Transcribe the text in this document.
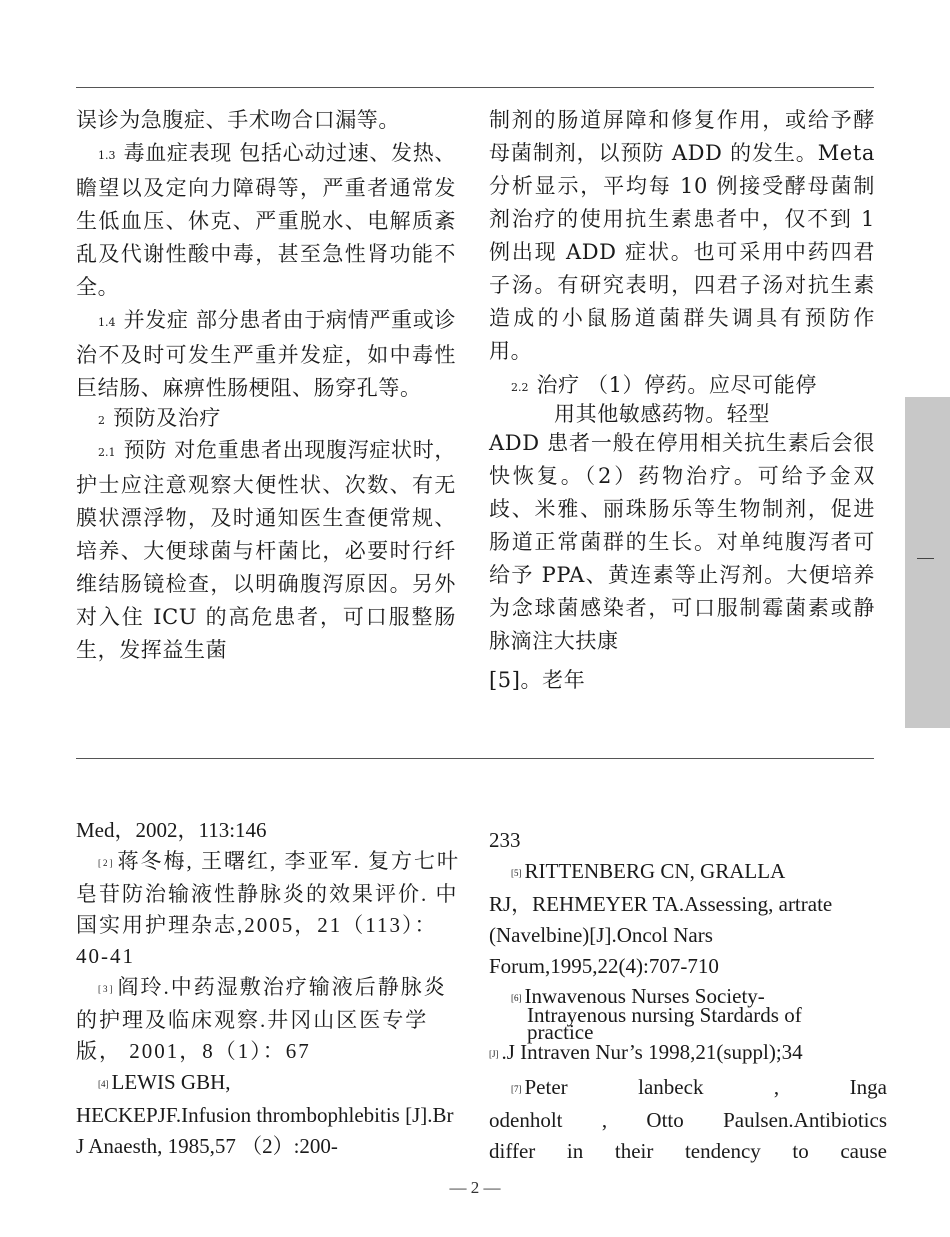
误诊为急腹症、手术吻合口漏等。

1.3 毒血症表现 包括心动过速、发热、瞻望以及定向力障碍等，严重者通常发生低血压、休克、严重脱水、电解质紊乱及代谢性酸中毒，甚至急性肾功能不全。

1.4 并发症 部分患者由于病情严重或诊治不及时可发生严重并发症，如中毒性巨结肠、麻痹性肠梗阻、肠穿孔等。

2 预防及治疗

2.1 预防 对危重患者出现腹泻症状时，护士应注意观察大便性状、次数、有无膜状漂浮物，及时通知医生查便常规、培养、大便球菌与杆菌比，必要时行纤维结肠镜检查，以明确腹泻原因。另外对入住 ICU 的高危患者，可口服整肠生，发挥益生菌

制剂的肠道屏障和修复作用，或给予酵母菌制剂，以预防 ADD 的发生。Meta 分析显示，平均每 10 例接受酵母菌制剂治疗的使用抗生素患者中，仅不到 1 例出现 ADD 症状。也可采用中药四君子汤。有研究表明，四君子汤对抗生素造成的小鼠肠道菌群失调具有预防作用。

2.2 治疗 （1）停药。应尽可能停
用其他敏感药物。轻型

ADD 患者一般在停用相关抗生素后会很快恢复。（2）药物治疗。可给予金双歧、米雅、丽珠肠乐等生物制剂，促进肠道正常菌群的生长。对单纯腹泻者可给予 PPA、黄连素等止泻剂。大便培养为念球菌感染者，可口服制霉菌素或静脉滴注大扶康

[5]。老年

Med，2002，113:146

[2] 蒋冬梅, 王曙红, 李亚军. 复方七叶皂苷防治输液性静脉炎的效果评价. 中国实用护理杂志,2005，21（113）：40-41

[3] 阎玲.中药湿敷治疗输液后静脉炎的护理及临床观察.井冈山区医专学版， 2001，8（1）：67

[4] LEWIS GBH,
HECKEPJF.Infusion thrombophlebitis [J].Br J Anaesth, 1985,57 （2）:200-

233

[5] RITTENBERG CN, GRALLA
RJ，REHMEYER TA.Assessing, artrate (Navelbine)[J].Oncol Nars Forum,1995,22(4):707-710

[6] Inwavenous Nurses Society-
Intrayenous nursing Stardards of
practice

[J] .J Intraven Nur’s 1998,21(suppl);34

[7] Peter	lanbeck	,	Inga
odenholt , Otto Paulsen.Antibiotics
differ in their tendency to cause
— 2 —
